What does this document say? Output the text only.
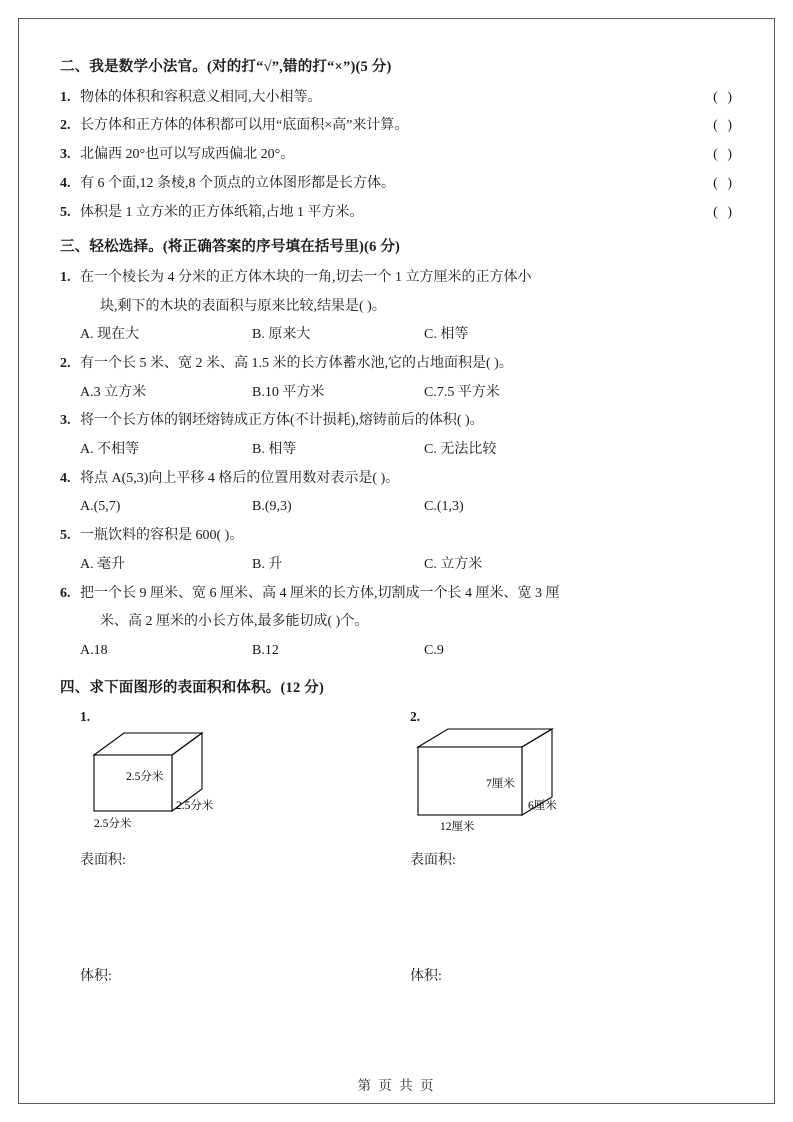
二、我是数学小法官。(对的打“√”,错的打“×”)(5 分)
1. 物体的体积和容积意义相同,大小相等。	( )
2. 长方体和正方体的体积都可以用“底面积×高”来计算。	( )
3. 北偏西 20°也可以写成西偏北 20°。	( )
4. 有 6 个面,12 条棱,8 个顶点的立体图形都是长方体。	( )
5. 体积是 1 立方米的正方体纸箱,占地 1 平方米。	( )
三、轻松选择。(将正确答案的序号填在括号里)(6 分)
1. 在一个棱长为 4 分米的正方体木块的一角,切去一个 1 立方厘米的正方体小
块,剩下的木块的表面积与原来比较,结果是( )。
A. 现在大	B. 原来大	C. 相等
2. 有一个长 5 米、宽 2 米、高 1.5 米的长方体蓄水池,它的占地面积是( )。
A.3 立方米	B.10 平方米	C.7.5 平方米
3. 将一个长方体的钢坯熔铸成正方体(不计损耗),熔铸前后的体积( )。
A. 不相等	B. 相等	C. 无法比较
4. 将点 A(5,3)向上平移 4 格后的位置用数对表示是( )。
A.(5,7)	B.(9,3)	C.(1,3)
5. 一瓶饮料的容积是 600( )。
A. 毫升	B. 升	C. 立方米
6. 把一个长 9 厘米、宽 6 厘米、高 4 厘米的长方体,切割成一个长 4 厘米、宽 3 厘
米、高 2 厘米的小长方体,最多能切成( )个。
A.18	B.12	C.9
四、求下面图形的表面积和体积。(12 分)
1.
2.5分米
2.5分米
2.5分米
表面积:
体积:
2.
7厘米
6厘米
12厘米
表面积:
体积:
第 页 共 页
